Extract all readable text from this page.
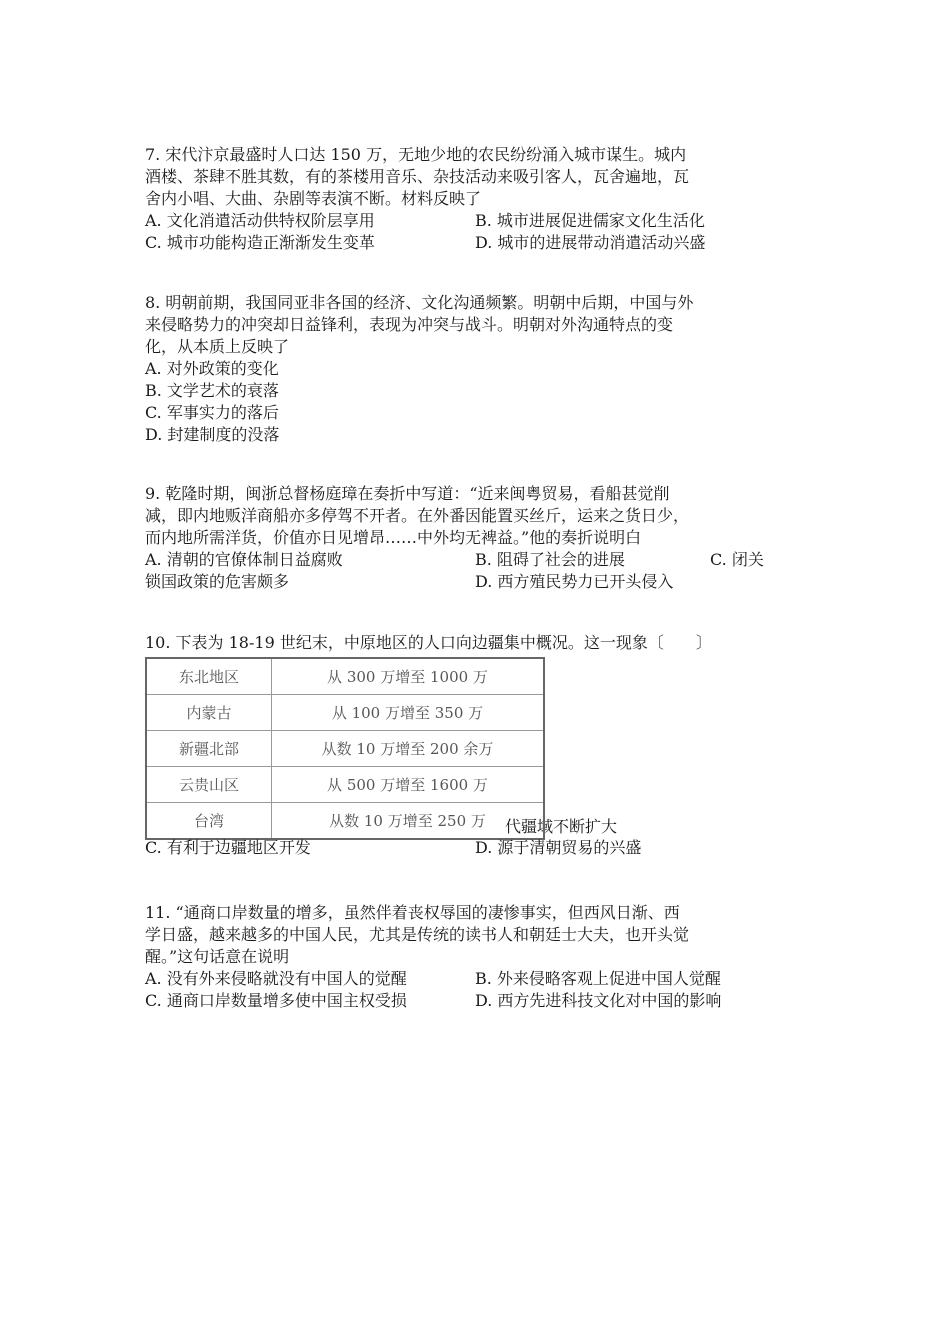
7. 宋代汴京最盛时人口达 150 万，无地少地的农民纷纷涌入城市谋生。城内

酒楼、茶肆不胜其数，有的茶楼用音乐、杂技活动来吸引客人，瓦舍遍地，瓦

舍内小唱、大曲、杂剧等表演不断。材料反映了

A. 文化消遣活动供特权阶层享用	B. 城市进展促进儒家文化生活化
C. 城市功能构造正渐渐发生变革	D. 城市的进展带动消遣活动兴盛

8. 明朝前期，我国同亚非各国的经济、文化沟通频繁。明朝中后期，中国与外

来侵略势力的冲突却日益锋利，表现为冲突与战斗。明朝对外沟通特点的变

化，从本质上反映了

A. 对外政策的变化
B. 文学艺术的衰落
C. 军事实力的落后
D. 封建制度的没落

9. 乾隆时期，闽浙总督杨庭璋在奏折中写道：“近来闽粤贸易，看船甚觉削

减，即内地贩洋商船亦多停驾不开者。在外番因能置买丝斤，运来之货日少，

而内地所需洋货，价值亦日见增昂……中外均无裨益。”他的奏折说明白

A. 清朝的官僚体制日益腐败	B. 阻碍了社会的进展	C. 闭关
锁国政策的危害颇多	D. 西方殖民势力已开头侵入

10. 下表为 18-19 世纪末，中原地区的人口向边疆集中概况。这一现象〔　　〕

代疆域不断扩大
东北地区	从 300 万增至 1000 万
内蒙古	从 100 万增至 350 万
新疆北部	从数 10 万增至 200 余万
云贵山区	从 500 万增至 1600 万
台湾	从数 10 万增至 250 万
C. 有利于边疆地区开发	D. 源于清朝贸易的兴盛

11. “通商口岸数量的增多，虽然伴着丧权辱国的凄惨事实，但西风日渐、西

学日盛，越来越多的中国人民，尤其是传统的读书人和朝廷士大夫，也开头觉

醒。”这句话意在说明

A. 没有外来侵略就没有中国人的觉醒	B. 外来侵略客观上促进中国人觉醒
C. 通商口岸数量增多使中国主权受损	D. 西方先进科技文化对中国的影响
